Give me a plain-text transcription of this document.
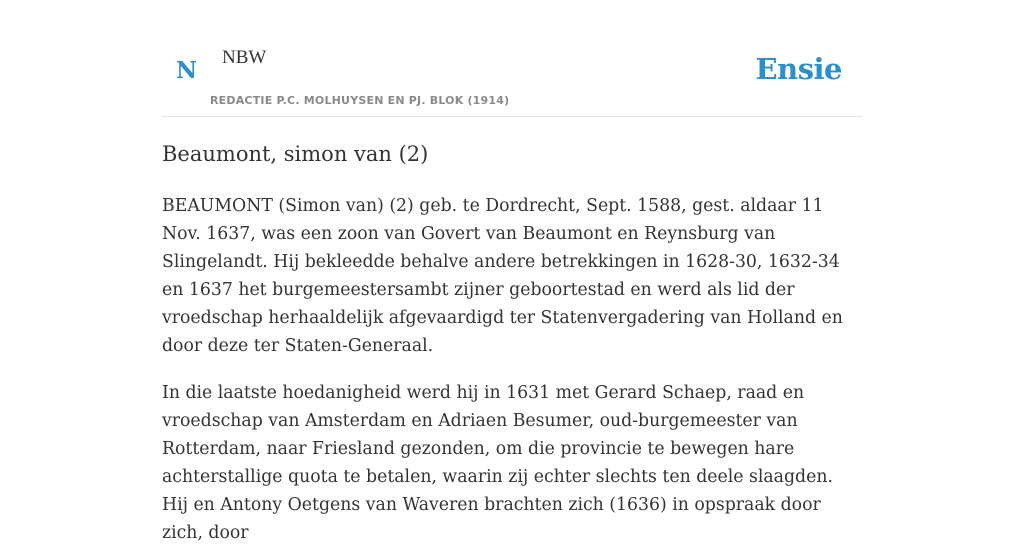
N NBW
REDACTIE P.C. MOLHUYSEN EN PJ. BLOK (1914)
Ensie
Beaumont, simon van (2)

BEAUMONT (Simon van) (2) geb. te Dordrecht, Sept. 1588, gest. aldaar 11 Nov. 1637, was een zoon van Govert van Beaumont en Reynsburg van Slingelandt. Hij bekleedde behalve andere betrekkingen in 1628-30, 1632-34 en 1637 het burgemeestersambt zijner geboortestad en werd als lid der vroedschap herhaaldelijk afgevaardigd ter Statenvergadering van Holland en door deze ter Staten-Generaal.

In die laatste hoedanigheid werd hij in 1631 met Gerard Schaep, raad en vroedschap van Amsterdam en Adriaen Besumer, oud-burgemeester van Rotterdam, naar Friesland gezonden, om die provincie te bewegen hare achterstallige quota te betalen, waarin zij echter slechts ten deele slaagden. Hij en Antony Oetgens van Waveren brachten zich (1636) in opspraak door zich, door
